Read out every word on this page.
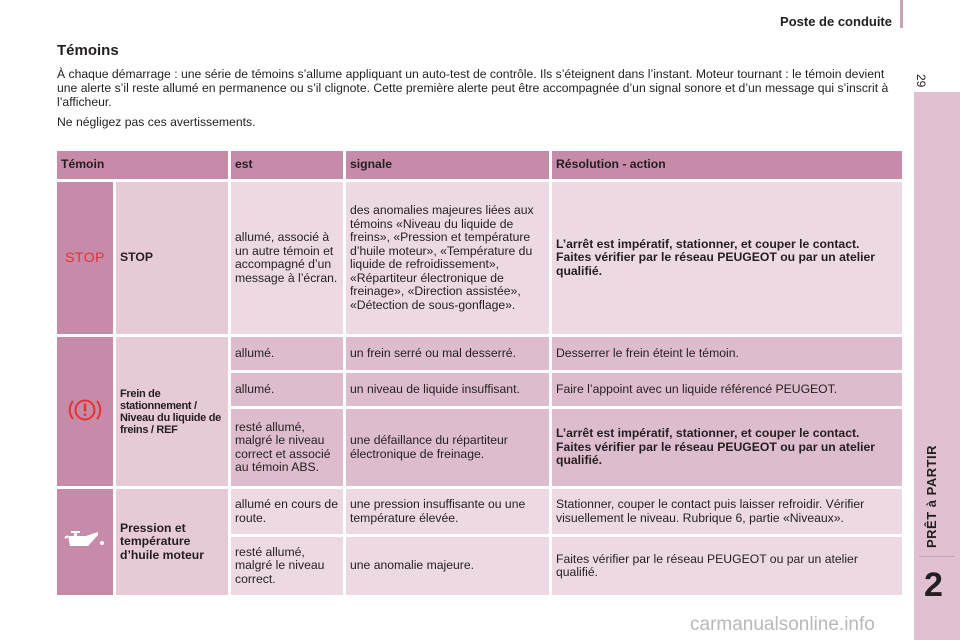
Poste de conduite
29
PRÊT à PARTIR
2
Témoins

À chaque démarrage : une série de témoins s’allume appliquant un auto-test de contrôle. Ils s’éteignent dans l’instant. Moteur tournant : le témoin devient une alerte s’il reste allumé en permanence ou s’il clignote. Cette première alerte peut être accompagnée d’un signal sonore et d’un message qui s’inscrit à l’afficheur.

Ne négligez pas ces avertissements.

Témoin		est	signale	Résolution - action
STOP	STOP	allumé, associé à un autre témoin et accompagné d’un message à l’écran.	des anomalies majeures liées aux témoins «Niveau du liquide de freins», «Pression et température d’huile moteur», «Température du liquide de refroidissement», «Répartiteur électronique de freinage», «Direction assistée», «Détection de sous-gonflage».	L’arrêt est impératif, stationner, et couper le contact. Faites vérifier par le réseau PEUGEOT ou par un atelier qualifié.
	Frein de stationnement / Niveau du liquide de freins / REF	allumé.	un frein serré ou mal desserré.	Desserrer le frein éteint le témoin.
		allumé.	un niveau de liquide insuffisant.	Faire l’appoint avec un liquide référencé PEUGEOT.
		resté allumé, malgré le niveau correct et associé au témoin ABS.	une défaillance du répartiteur électronique de freinage.	L’arrêt est impératif, stationner, et couper le contact. Faites vérifier par le réseau PEUGEOT ou par un atelier qualifié.
	Pression et température d’huile moteur	allumé en cours de route.	une pression insuffisante ou une température élevée.	Stationner, couper le contact puis laisser refroidir. Vérifier visuellement le niveau. Rubrique 6, partie «Niveaux».
		resté allumé, malgré le niveau correct.	une anomalie majeure.	Faites vérifier par le réseau PEUGEOT ou par un atelier qualifié.
carmanualsonline.info
